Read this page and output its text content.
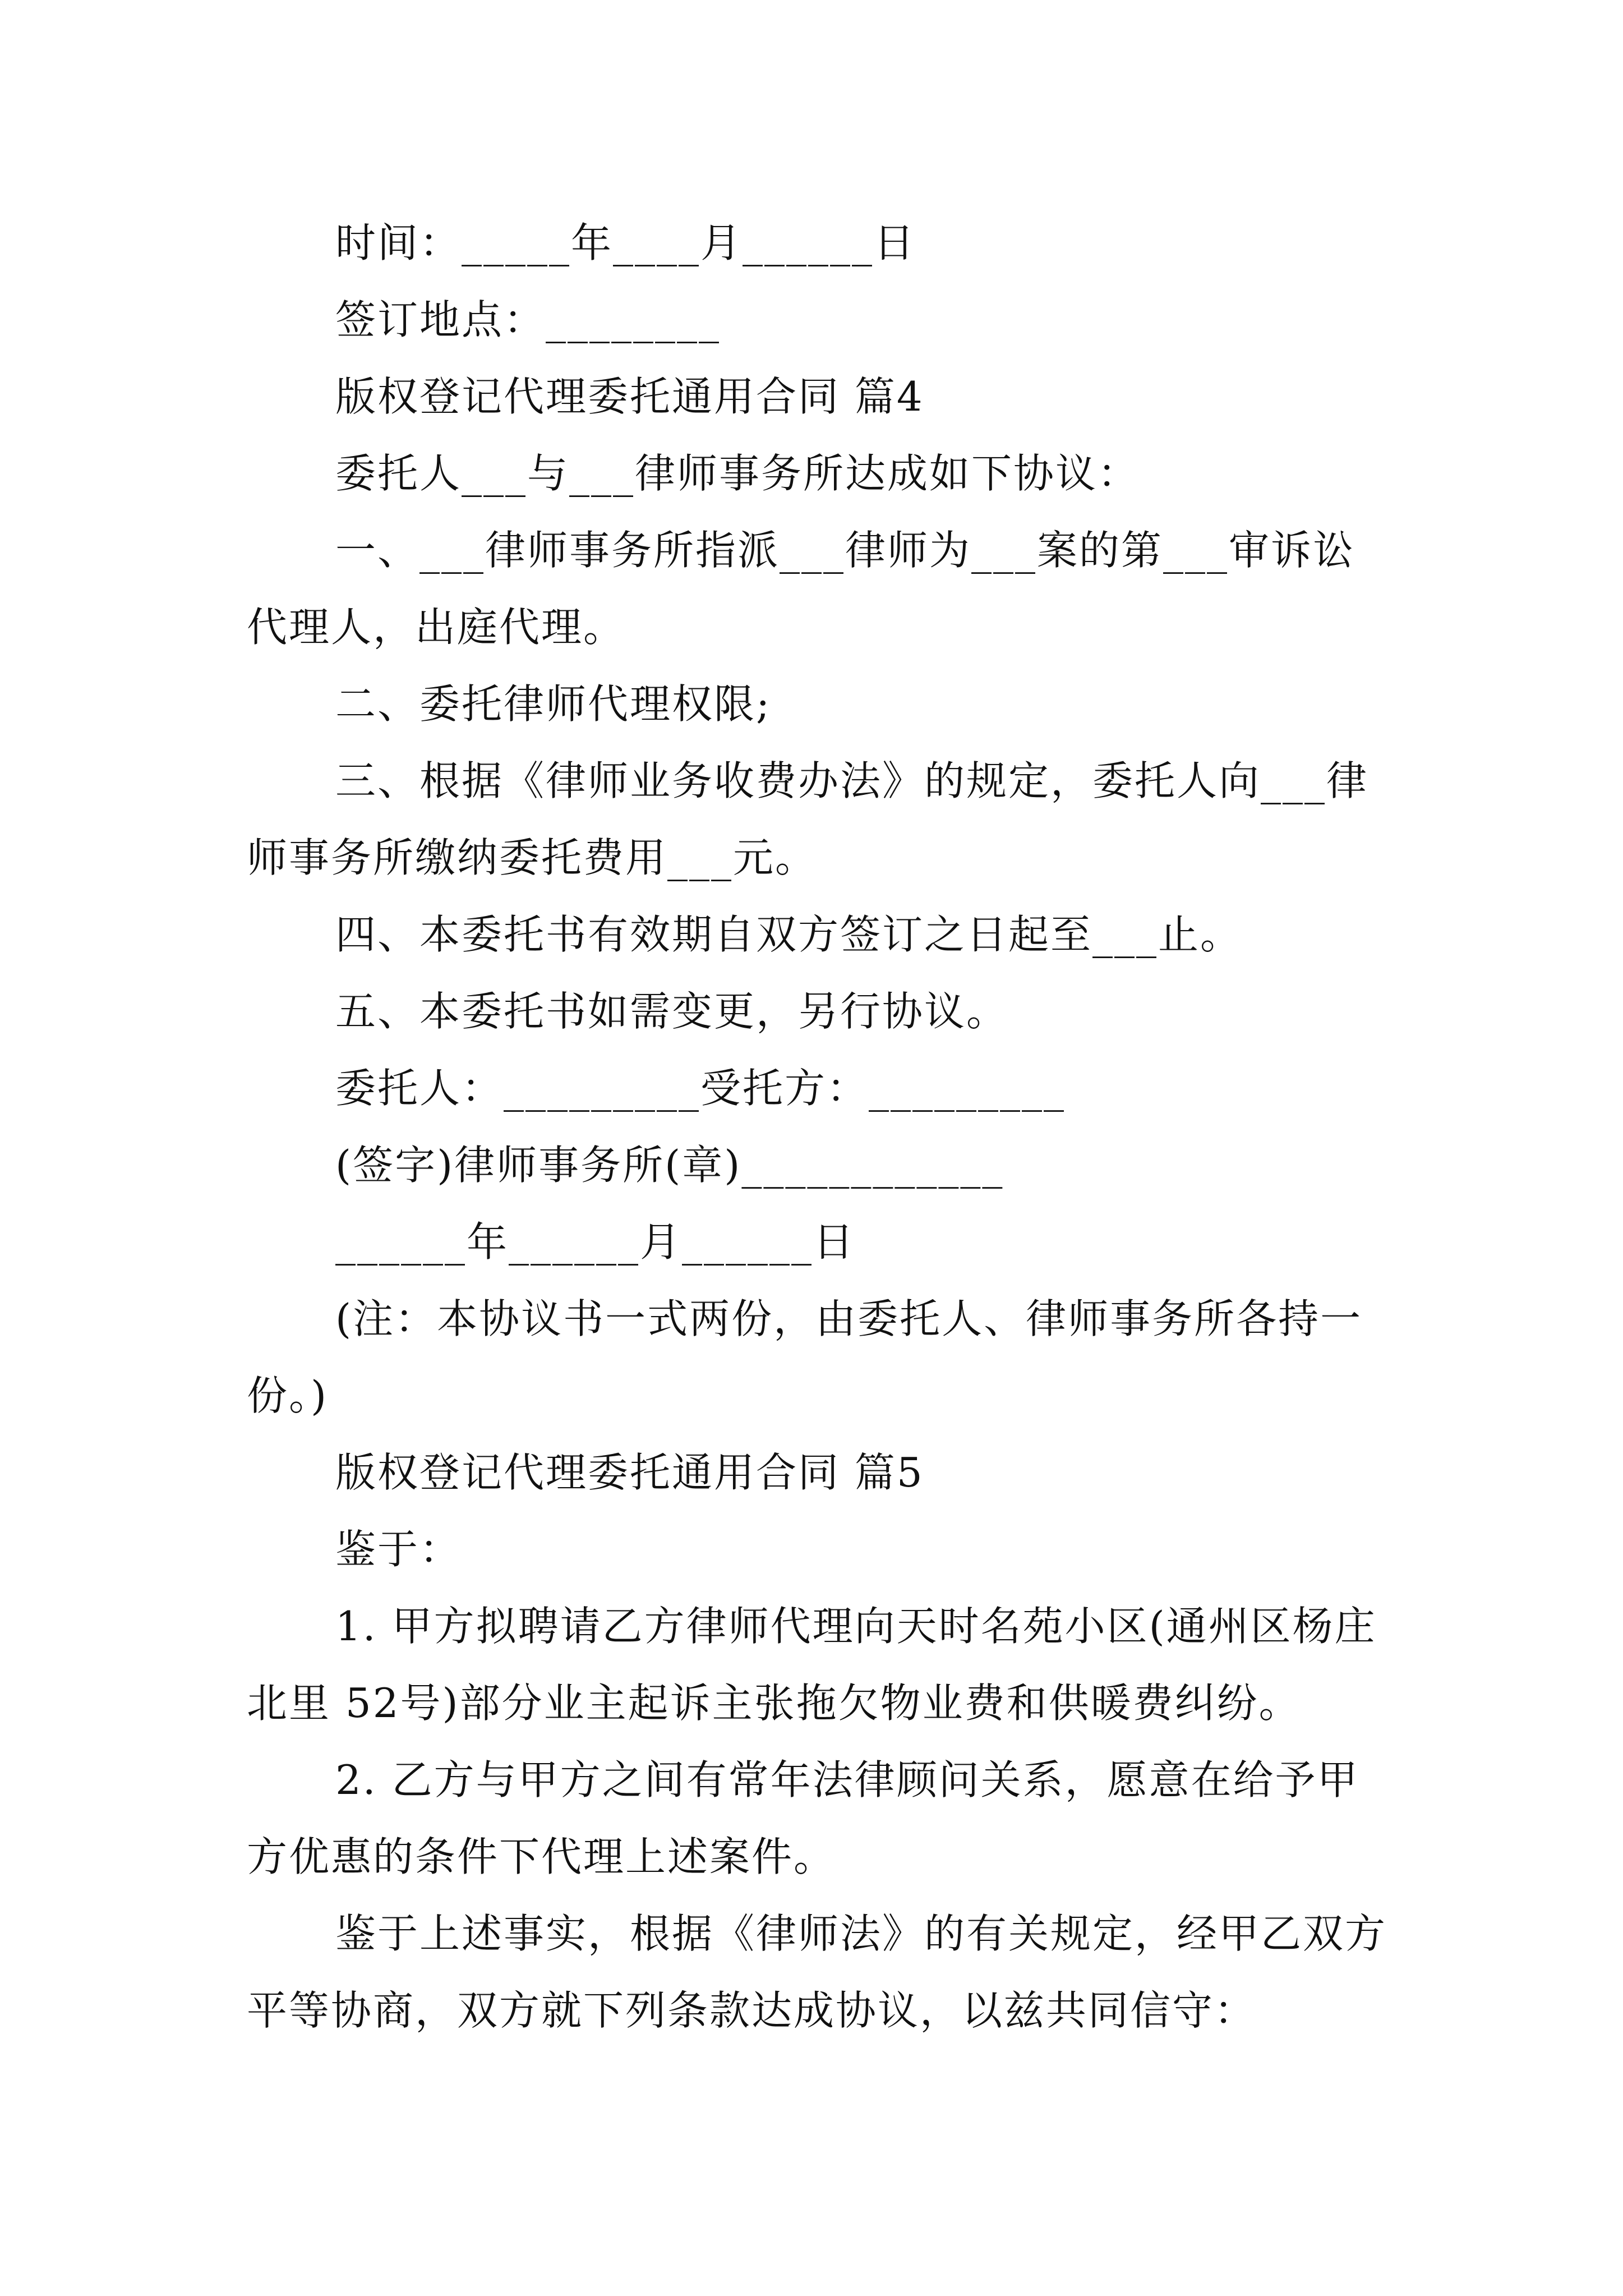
时间：_____年____月______日

签订地点：________

版权登记代理委托通用合同 篇4

委托人___与___律师事务所达成如下协议：

一、___律师事务所指派___律师为___案的第___审诉讼代理人，出庭代理。

二、委托律师代理权限;

三、根据《律师业务收费办法》的规定，委托人向___律师事务所缴纳委托费用___元。

四、本委托书有效期自双方签订之日起至___止。

五、本委托书如需变更，另行协议。

委托人：_________受托方：_________

(签字)律师事务所(章)____________

______年______月______日

(注：本协议书一式两份，由委托人、律师事务所各持一份。)

版权登记代理委托通用合同 篇5

鉴于：

1. 甲方拟聘请乙方律师代理向天时名苑小区(通州区杨庄北里 52号)部分业主起诉主张拖欠物业费和供暖费纠纷。

2. 乙方与甲方之间有常年法律顾问关系，愿意在给予甲方优惠的条件下代理上述案件。

鉴于上述事实，根据《律师法》的有关规定，经甲乙双方平等协商，双方就下列条款达成协议，以兹共同信守：
